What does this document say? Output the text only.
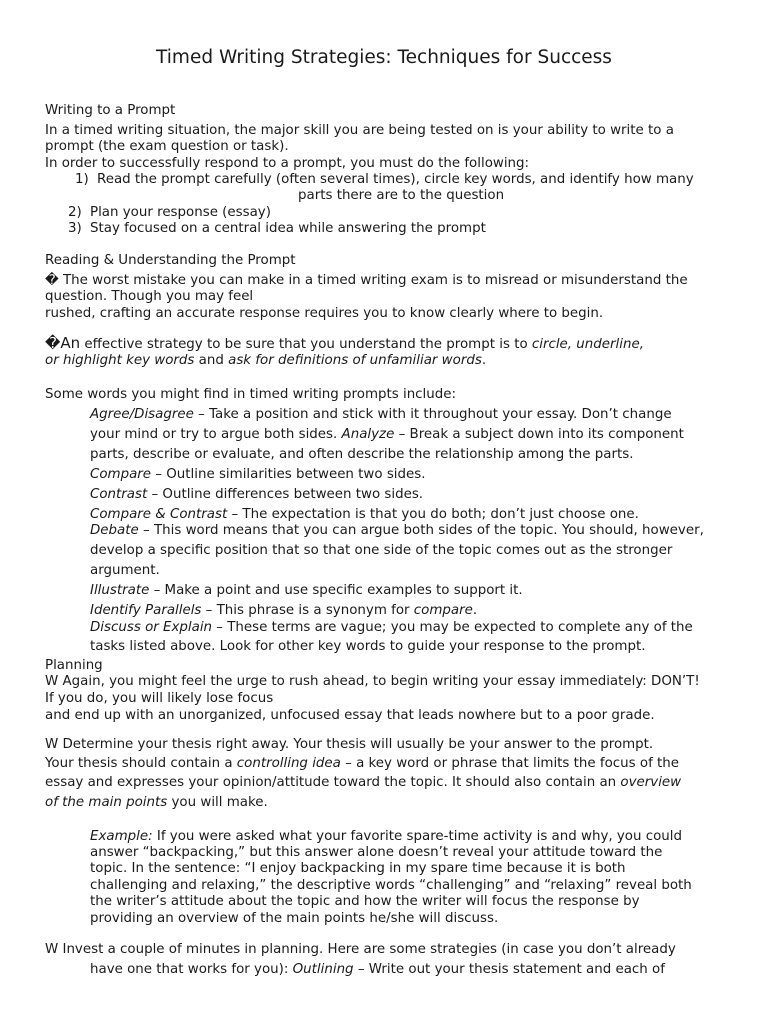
Timed Writing Strategies: Techniques for Success
Writing to a Prompt
In a timed writing situation, the major skill you are being tested on is your ability to write to a
prompt (the exam question or task).
In order to successfully respond to a prompt, you must do the following:
1) Read the prompt carefully (often several times), circle key words, and identify how many
parts there are to the question
2) Plan your response (essay)
3) Stay focused on a central idea while answering the prompt
Reading & Understanding the Prompt
� The worst mistake you can make in a timed writing exam is to misread or misunderstand the
question. Though you may feel
rushed, crafting an accurate response requires you to know clearly where to begin.
�An effective strategy to be sure that you understand the prompt is to circle, underline,
or highlight key words and ask for definitions of unfamiliar words.
Some words you might find in timed writing prompts include:
Agree/Disagree – Take a position and stick with it throughout your essay. Don’t change
your mind or try to argue both sides. Analyze – Break a subject down into its component
parts, describe or evaluate, and often describe the relationship among the parts.
Compare – Outline similarities between two sides.
Contrast – Outline differences between two sides.
Compare & Contrast – The expectation is that you do both; don’t just choose one.
Debate – This word means that you can argue both sides of the topic. You should, however,
develop a specific position that so that one side of the topic comes out as the stronger
argument.
Illustrate – Make a point and use specific examples to support it.
Identify Parallels – This phrase is a synonym for compare.
Discuss or Explain – These terms are vague; you may be expected to complete any of the
tasks listed above. Look for other key words to guide your response to the prompt.
Planning
W Again, you might feel the urge to rush ahead, to begin writing your essay immediately: DON’T!
If you do, you will likely lose focus
and end up with an unorganized, unfocused essay that leads nowhere but to a poor grade.
W Determine your thesis right away. Your thesis will usually be your answer to the prompt.
Your thesis should contain a controlling idea – a key word or phrase that limits the focus of the
essay and expresses your opinion/attitude toward the topic. It should also contain an overview
of the main points you will make.
Example: If you were asked what your favorite spare-time activity is and why, you could
answer “backpacking,” but this answer alone doesn’t reveal your attitude toward the
topic. In the sentence: “I enjoy backpacking in my spare time because it is both
challenging and relaxing,” the descriptive words “challenging” and “relaxing” reveal both
the writer’s attitude about the topic and how the writer will focus the response by
providing an overview of the main points he/she will discuss.
W Invest a couple of minutes in planning. Here are some strategies (in case you don’t already
have one that works for you): Outlining – Write out your thesis statement and each of
